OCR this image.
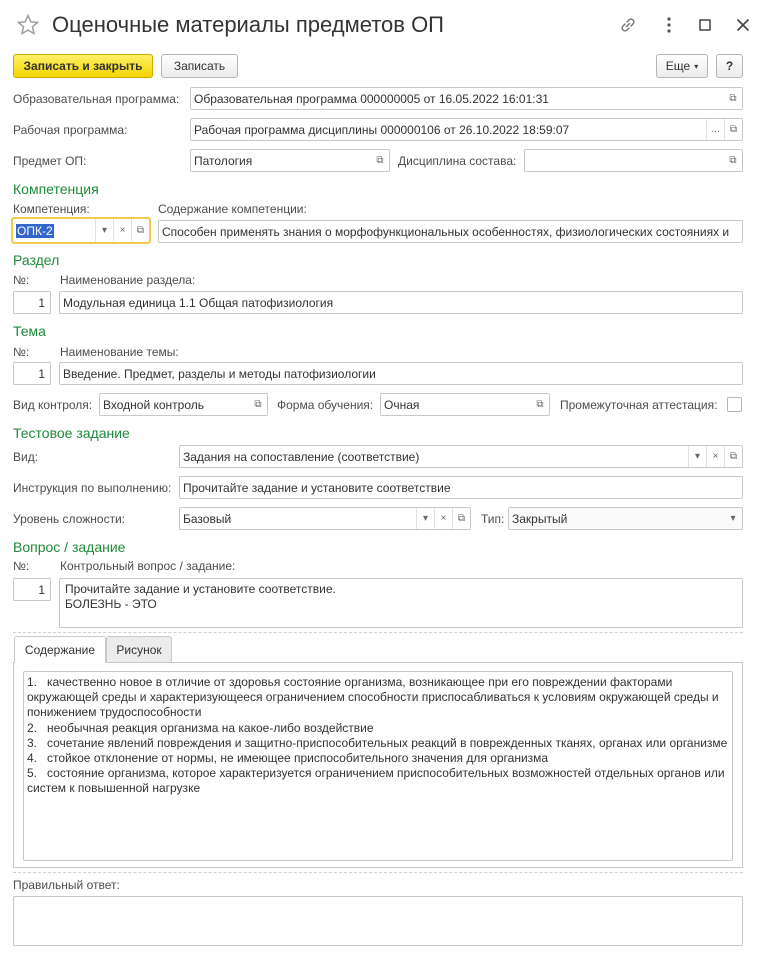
Оценочные материалы предметов ОП
Записать и закрыть	Записать	Еще ▾	?
Образовательная программа: Образовательная программа 000000005 от 16.05.2022 16:01:31	⧉
Рабочая программа:	Рабочая программа дисциплины 000000106 от 26.10.2022 18:59:07	… ⧉
Предмет ОП:	Патология	⧉	Дисциплина состава:	⧉
Компетенция
Компетенция:	Содержание компетенции:
ОПК-2	▾	×	⧉	Способен применять знания о морфофункциональных особенностях, физиологических состояниях и
Раздел
№:	Наименование раздела:
1	Модульная единица 1.1 Общая патофизиология
Тема
№:	Наименование темы:
1	Введение. Предмет, разделы и методы патофизиологии
Вид контроля: Входной контроль	⧉	Форма обучения: Очная	⧉	Промежуточная аттестация:
Тестовое задание
Вид:	Задания на сопоставление (соответствие)	▾	×	⧉
Инструкция по выполнению: Прочитайте задание и установите соответствие
Уровень сложности:	Базовый	▾	×	⧉	Тип: Закрытый	▾
Вопрос / задание
№:	Контрольный вопрос / задание:
1	Прочитайте задание и установите соответствие.
БОЛЕЗНЬ - ЭТО
Содержание	Рисунок
1.   качественно новое в отличие от здоровья состояние организма, возникающее при его повреждении факторами окружающей среды и характеризующееся ограничением способности приспосабливаться к условиям окружающей среды и понижением трудоспособности
2.   необычная реакция организма на какое-либо воздействие
3.   сочетание явлений повреждения и защитно-приспособительных реакций в поврежденных тканях, органах или организме
4.   стойкое отклонение от нормы, не имеющее приспособительного значения для организма
5.   состояние организма, которое характеризуется ограничением приспособительных возможностей отдельных органов или систем к повышенной нагрузке
Правильный ответ:
